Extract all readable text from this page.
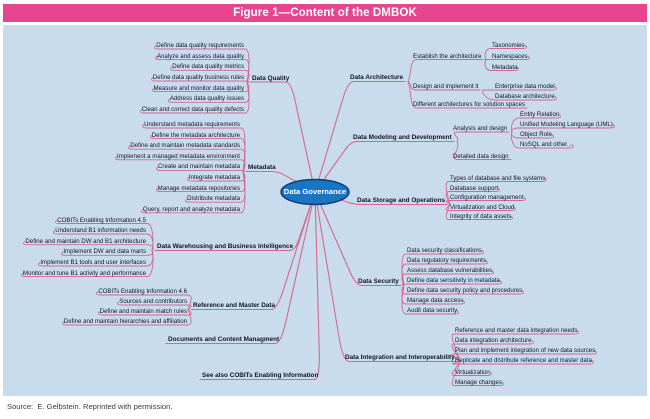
Figure 1—Content of the DMBOK
Data Governance
Data Quality
Define data quality requirements
Analyze and assess data quality
Define data quality metrics
Define data quality business rules
Measure and monitor data quality
Address data quality issues
Clean and correct data quality defects
Metadata
Understand metadata requirements
Define the metadata architecture
Define and maintain metadata standards
Implement a managed metadata environment
Create and maintain metadata
Integrate metadata
Manage metadata repositories
Distribute metadata
Query, report and analyze metadata
Data Warehousing and Business Intelligence
COBITs Enabling Information 4.5
Understand B1 information needs
Define and maintain DW and B1 architecture
Implement DW and data marts
Implement B1 tools and user interfaces
Monitor and tune B1 activity and performance
Reference and Master Data
COBITs Enabling Information 4.6
Sources and contributors
Define and maintain match rules
Define and maintain hierarchies and affiliation
Documents and Content Managment
See also COBITs Enabling Information
Data Architecture
Establish the architecture
Taxonomies
Namespaces
Metadata
Design and implement it	Enterprise data model
Database architecture
Different architectures for solution spaces
Data Modeling and Development
Analysis and design
Entity Relation
Unified Modeling Language (UML)
Object Role
NoSQL and other...
Detailed data design
Data Storage and Operations
Types of database and file systems
Database support
Configuration management
Virtualization and Cloud
Integrity of data assets
Data Security
Data security classifications
Data regulatory requirements
Assess database vulnerabilities
Define data sensitivity in metadata
Define data security policy and procedures
Manage data access
Audit data security
Data Integration and Interoperability
Reference and master data integration needs
Data integration architecture
Plan and implement integration of new data sources
Replicate and distribute reference and master data
Virtualization
Manage changes
Source:  E. Gelbstein. Reprinted with permission.
